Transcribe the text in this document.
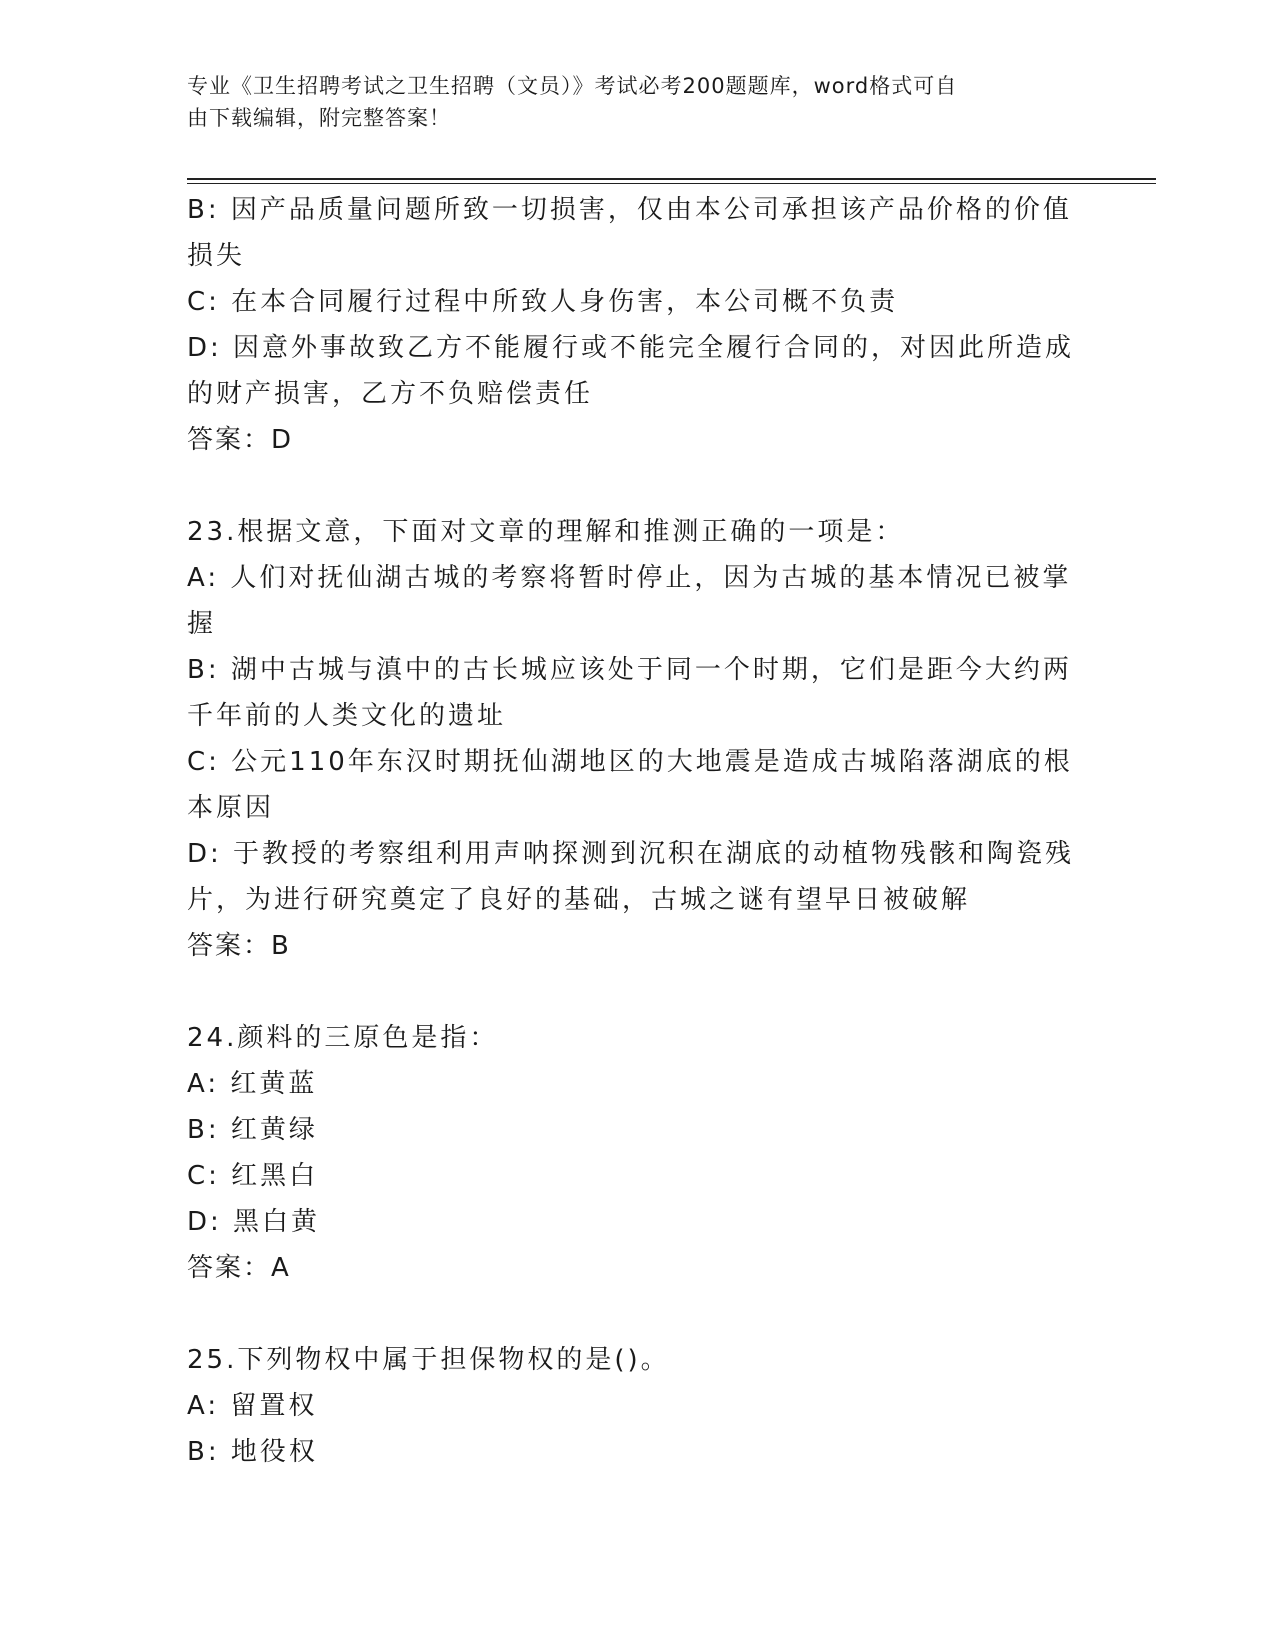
专业《卫生招聘考试之卫生招聘（文员）》考试必考200题题库，word格式可自
由下载编辑，附完整答案！
B: 因产品质量问题所致一切损害，仅由本公司承担该产品价格的价值
损失
C: 在本合同履行过程中所致人身伤害，本公司概不负责
D: 因意外事故致乙方不能履行或不能完全履行合同的，对因此所造成
的财产损害，乙方不负赔偿责任
答案：D
23.根据文意，下面对文章的理解和推测正确的一项是：
A: 人们对抚仙湖古城的考察将暂时停止，因为古城的基本情况已被掌
握
B: 湖中古城与滇中的古长城应该处于同一个时期，它们是距今大约两
千年前的人类文化的遗址
C: 公元110年东汉时期抚仙湖地区的大地震是造成古城陷落湖底的根
本原因
D: 于教授的考察组利用声呐探测到沉积在湖底的动植物残骸和陶瓷残
片，为进行研究奠定了良好的基础，古城之谜有望早日被破解
答案：B
24.颜料的三原色是指：
A: 红黄蓝
B: 红黄绿
C: 红黑白
D: 黑白黄
答案：A
25.下列物权中属于担保物权的是()。
A: 留置权
B: 地役权
